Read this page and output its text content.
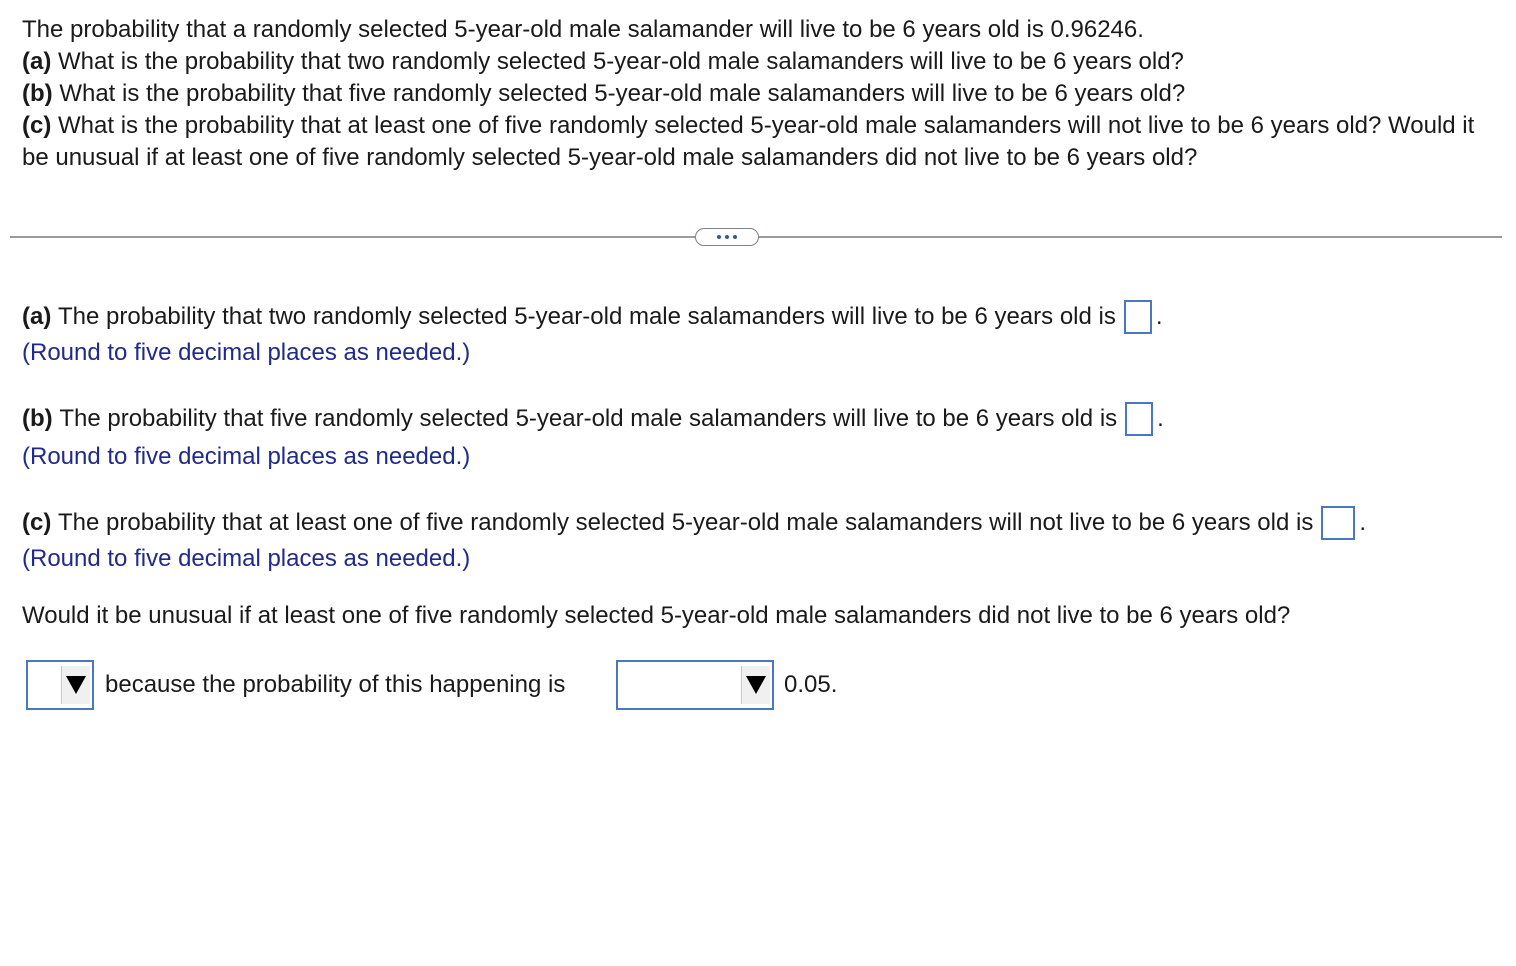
The probability that a randomly selected 5-year-old male salamander will live to be 6 years old is 0.96246.

(a) What is the probability that two randomly selected 5-year-old male salamanders will live to be 6 years old?

(b) What is the probability that five randomly selected 5-year-old male salamanders will live to be 6 years old?

(c) What is the probability that at least one of five randomly selected 5-year-old male salamanders will not live to be 6 years old? Would it be unusual if at least one of five randomly selected 5-year-old male salamanders did not live to be 6 years old?

(a)
The probability that two randomly selected 5-year-old male salamanders will live to be 6 years old is .
(Round to five decimal places as needed.)
(b)
The probability that five randomly selected 5-year-old male salamanders will live to be 6 years old is .
(Round to five decimal places as needed.)
(c)
The probability that at least one of five randomly selected 5-year-old male salamanders will not live to be 6 years old is .
(Round to five decimal places as needed.)
Would it be unusual if at least one of five randomly selected 5-year-old male salamanders did not live to be 6 years old?
because the probability of this happening is	0.05.
